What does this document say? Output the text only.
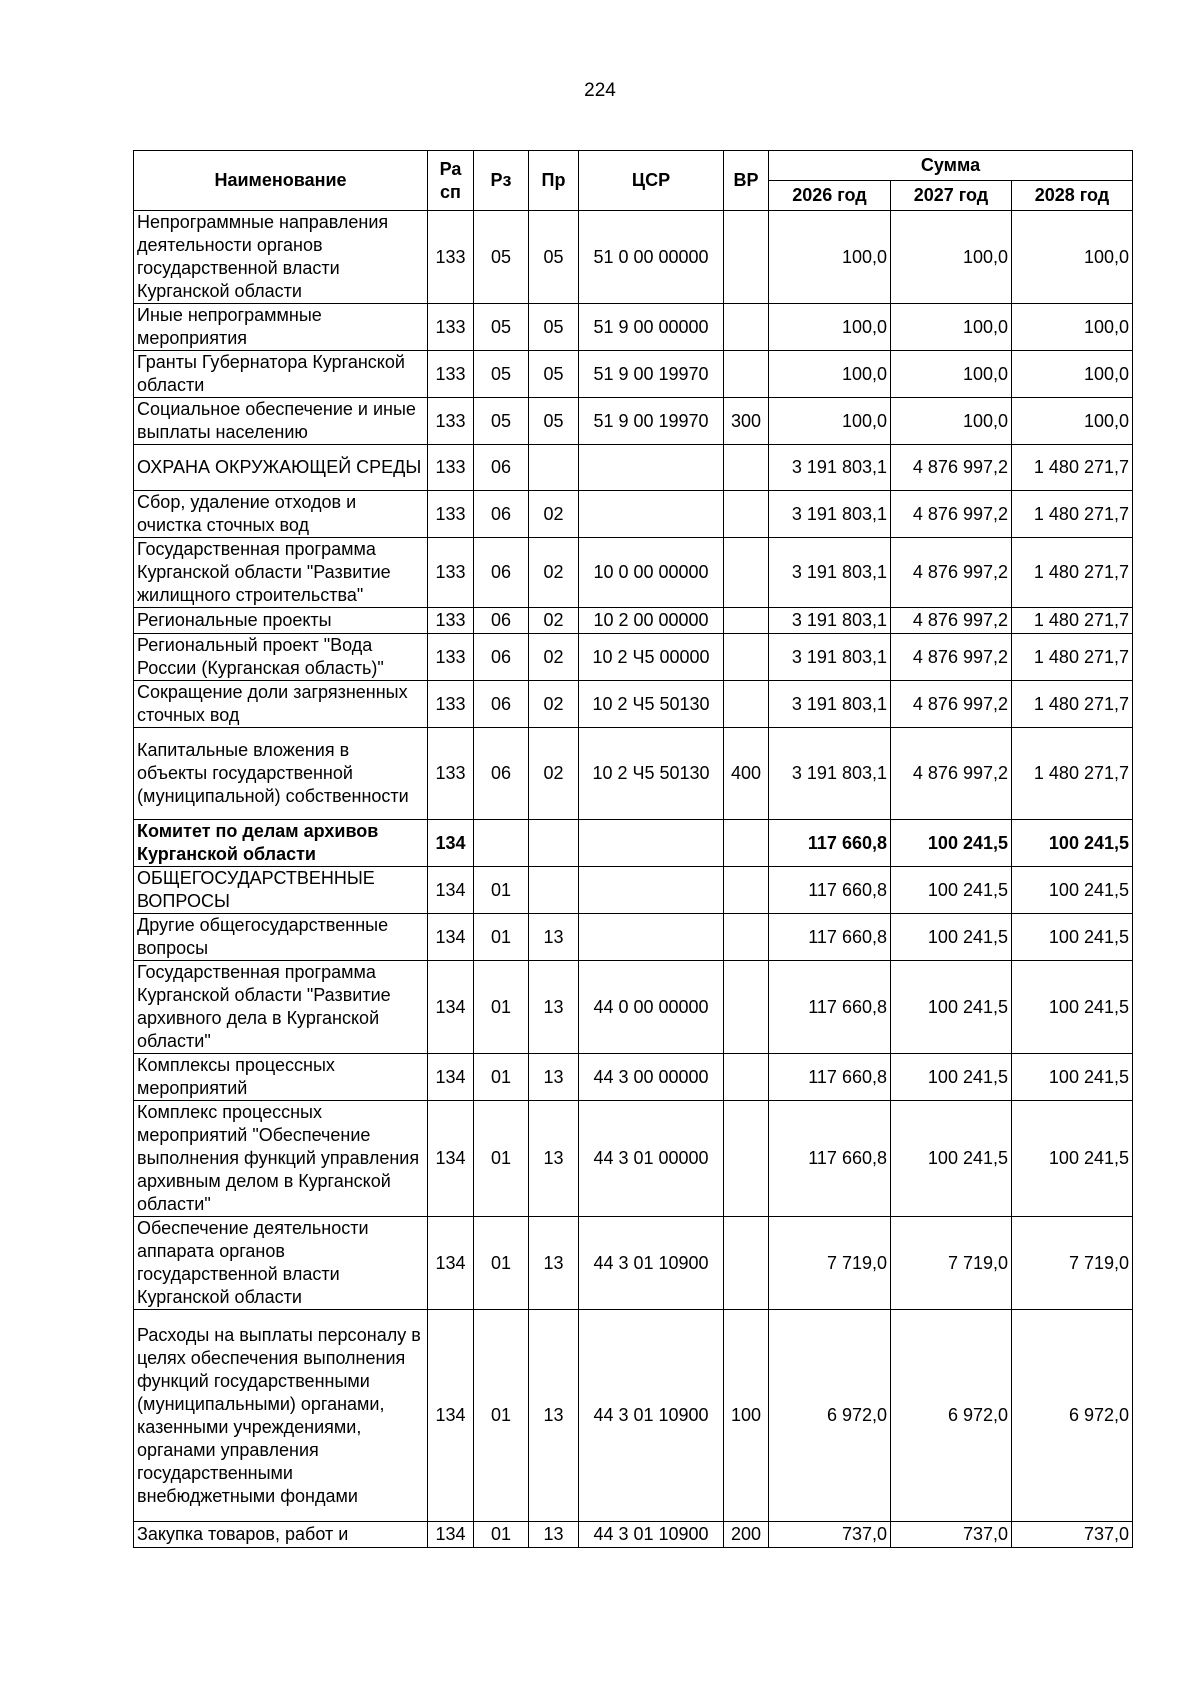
224
Наименование	Ра сп	Рз	Пр	ЦСР	ВР	Сумма		
						2026 год	2027 год	2028 год
Непрограммные направления деятельности органов государственной власти Курганской области	133	05	05	51 0 00 00000		100,0	100,0	100,0
Иные непрограммные мероприятия	133	05	05	51 9 00 00000		100,0	100,0	100,0
Гранты Губернатора Курганской области	133	05	05	51 9 00 19970		100,0	100,0	100,0
Социальное обеспечение и иные выплаты населению	133	05	05	51 9 00 19970	300	100,0	100,0	100,0
ОХРАНА ОКРУЖАЮЩЕЙ СРЕДЫ	133	06				3 191 803,1	4 876 997,2	1 480 271,7
Сбор, удаление отходов и очистка сточных вод	133	06	02			3 191 803,1	4 876 997,2	1 480 271,7
Государственная программа Курганской области "Развитие жилищного строительства"	133	06	02	10 0 00 00000		3 191 803,1	4 876 997,2	1 480 271,7
Региональные проекты	133	06	02	10 2 00 00000		3 191 803,1	4 876 997,2	1 480 271,7
Региональный проект "Вода России (Курганская область)"	133	06	02	10 2 Ч5 00000		3 191 803,1	4 876 997,2	1 480 271,7
Сокращение доли загрязненных сточных вод	133	06	02	10 2 Ч5 50130		3 191 803,1	4 876 997,2	1 480 271,7
Капитальные вложения в объекты государственной (муниципальной) собственности	133	06	02	10 2 Ч5 50130	400	3 191 803,1	4 876 997,2	1 480 271,7
Комитет по делам архивов Курганской области	134					117 660,8	100 241,5	100 241,5
ОБЩЕГОСУДАРСТВЕННЫЕ ВОПРОСЫ	134	01				117 660,8	100 241,5	100 241,5
Другие общегосударственные вопросы	134	01	13			117 660,8	100 241,5	100 241,5
Государственная программа Курганской области "Развитие архивного дела в Курганской области"	134	01	13	44 0 00 00000		117 660,8	100 241,5	100 241,5
Комплексы процессных мероприятий	134	01	13	44 3 00 00000		117 660,8	100 241,5	100 241,5
Комплекс процессных мероприятий "Обеспечение выполнения функций управления архивным делом в Курганской области"	134	01	13	44 3 01 00000		117 660,8	100 241,5	100 241,5
Обеспечение деятельности аппарата органов государственной власти Курганской области	134	01	13	44 3 01 10900		7 719,0	7 719,0	7 719,0
Расходы на выплаты персоналу в целях обеспечения выполнения функций государственными (муниципальными) органами, казенными учреждениями, органами управления государственными внебюджетными фондами	134	01	13	44 3 01 10900	100	6 972,0	6 972,0	6 972,0
Закупка товаров, работ и	134	01	13	44 3 01 10900	200	737,0	737,0	737,0
